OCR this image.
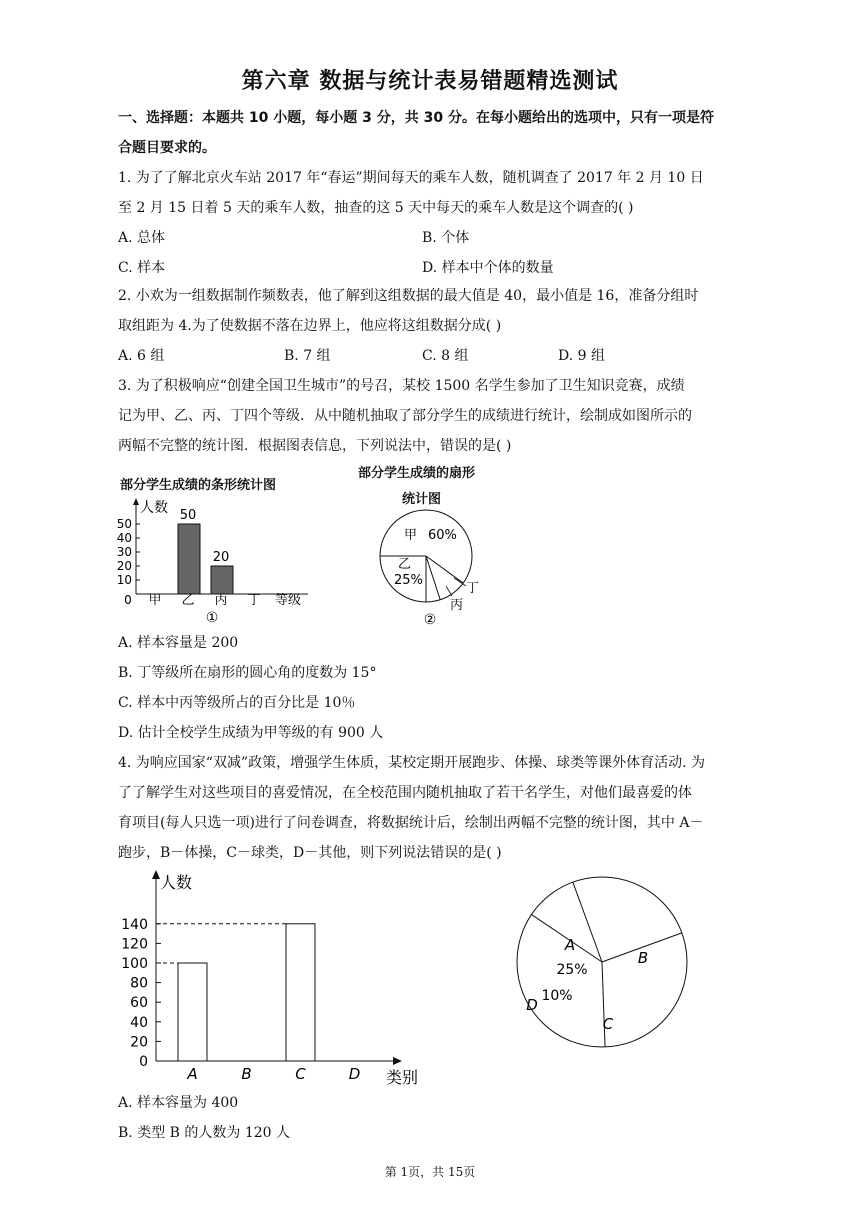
第六章 数据与统计表易错题精选测试
一、选择题：本题共 10 小题，每小题 3 分，共 30 分。在每小题给出的选项中，只有一项是符
合题目要求的。
1. 为了了解北京火车站 2017 年“春运”期间每天的乘车人数，随机调查了 2017 年 2 月 10 日
至 2 月 15 日着 5 天的乘车人数，抽查的这 5 天中每天的乘车人数是这个调查的( )
A. 总体	B. 个体
C. 样本	D. 样本中个体的数量
2. 小欢为一组数据制作频数表，他了解到这组数据的最大值是 40，最小值是 16，准备分组时
取组距为 4.为了使数据不落在边界上，他应将这组数据分成( )
A. 6 组	B. 7 组	C. 8 组	D. 9 组
3. 为了积极响应“创建全国卫生城市”的号召，某校 1500 名学生参加了卫生知识竞赛，成绩
记为甲、乙、丙、丁四个等级．从中随机抽取了部分学生的成绩进行统计，绘制成如图所示的
两幅不完整的统计图．根据图表信息，下列说法中，错误的是( )
部分学生成绩的条形统计图
人数
0
10
20
30
40
50
50
20
甲 乙 丙 丁 等级
①
部分学生成绩的扇形
统计图
甲 60%
乙
25%
丁
丙
②
A. 样本容量是 200
B. 丁等级所在扇形的圆心角的度数为 15°
C. 样本中丙等级所占的百分比是 10％
D. 估计全校学生成绩为甲等级的有 900 人
4. 为响应国家“双减”政策，增强学生体质，某校定期开展跑步、体操、球类等课外体育活动. 为
了了解学生对这些项目的喜爱情况，在全校范围内随机抽取了若干名学生，对他们最喜爱的体
育项目(每人只选一项)进行了问卷调查，将数据统计后，绘制出两幅不完整的统计图，其中 A－
跑步，B－体操，C－球类，D－其他，则下列说法错误的是( )
人数
0
20
40
60
80
100
120
140
A	B	C	D 类别
A
25%
B
C
10%
D
A. 样本容量为 400
B. 类型 B 的人数为 120 人
第 1页，共 15页
